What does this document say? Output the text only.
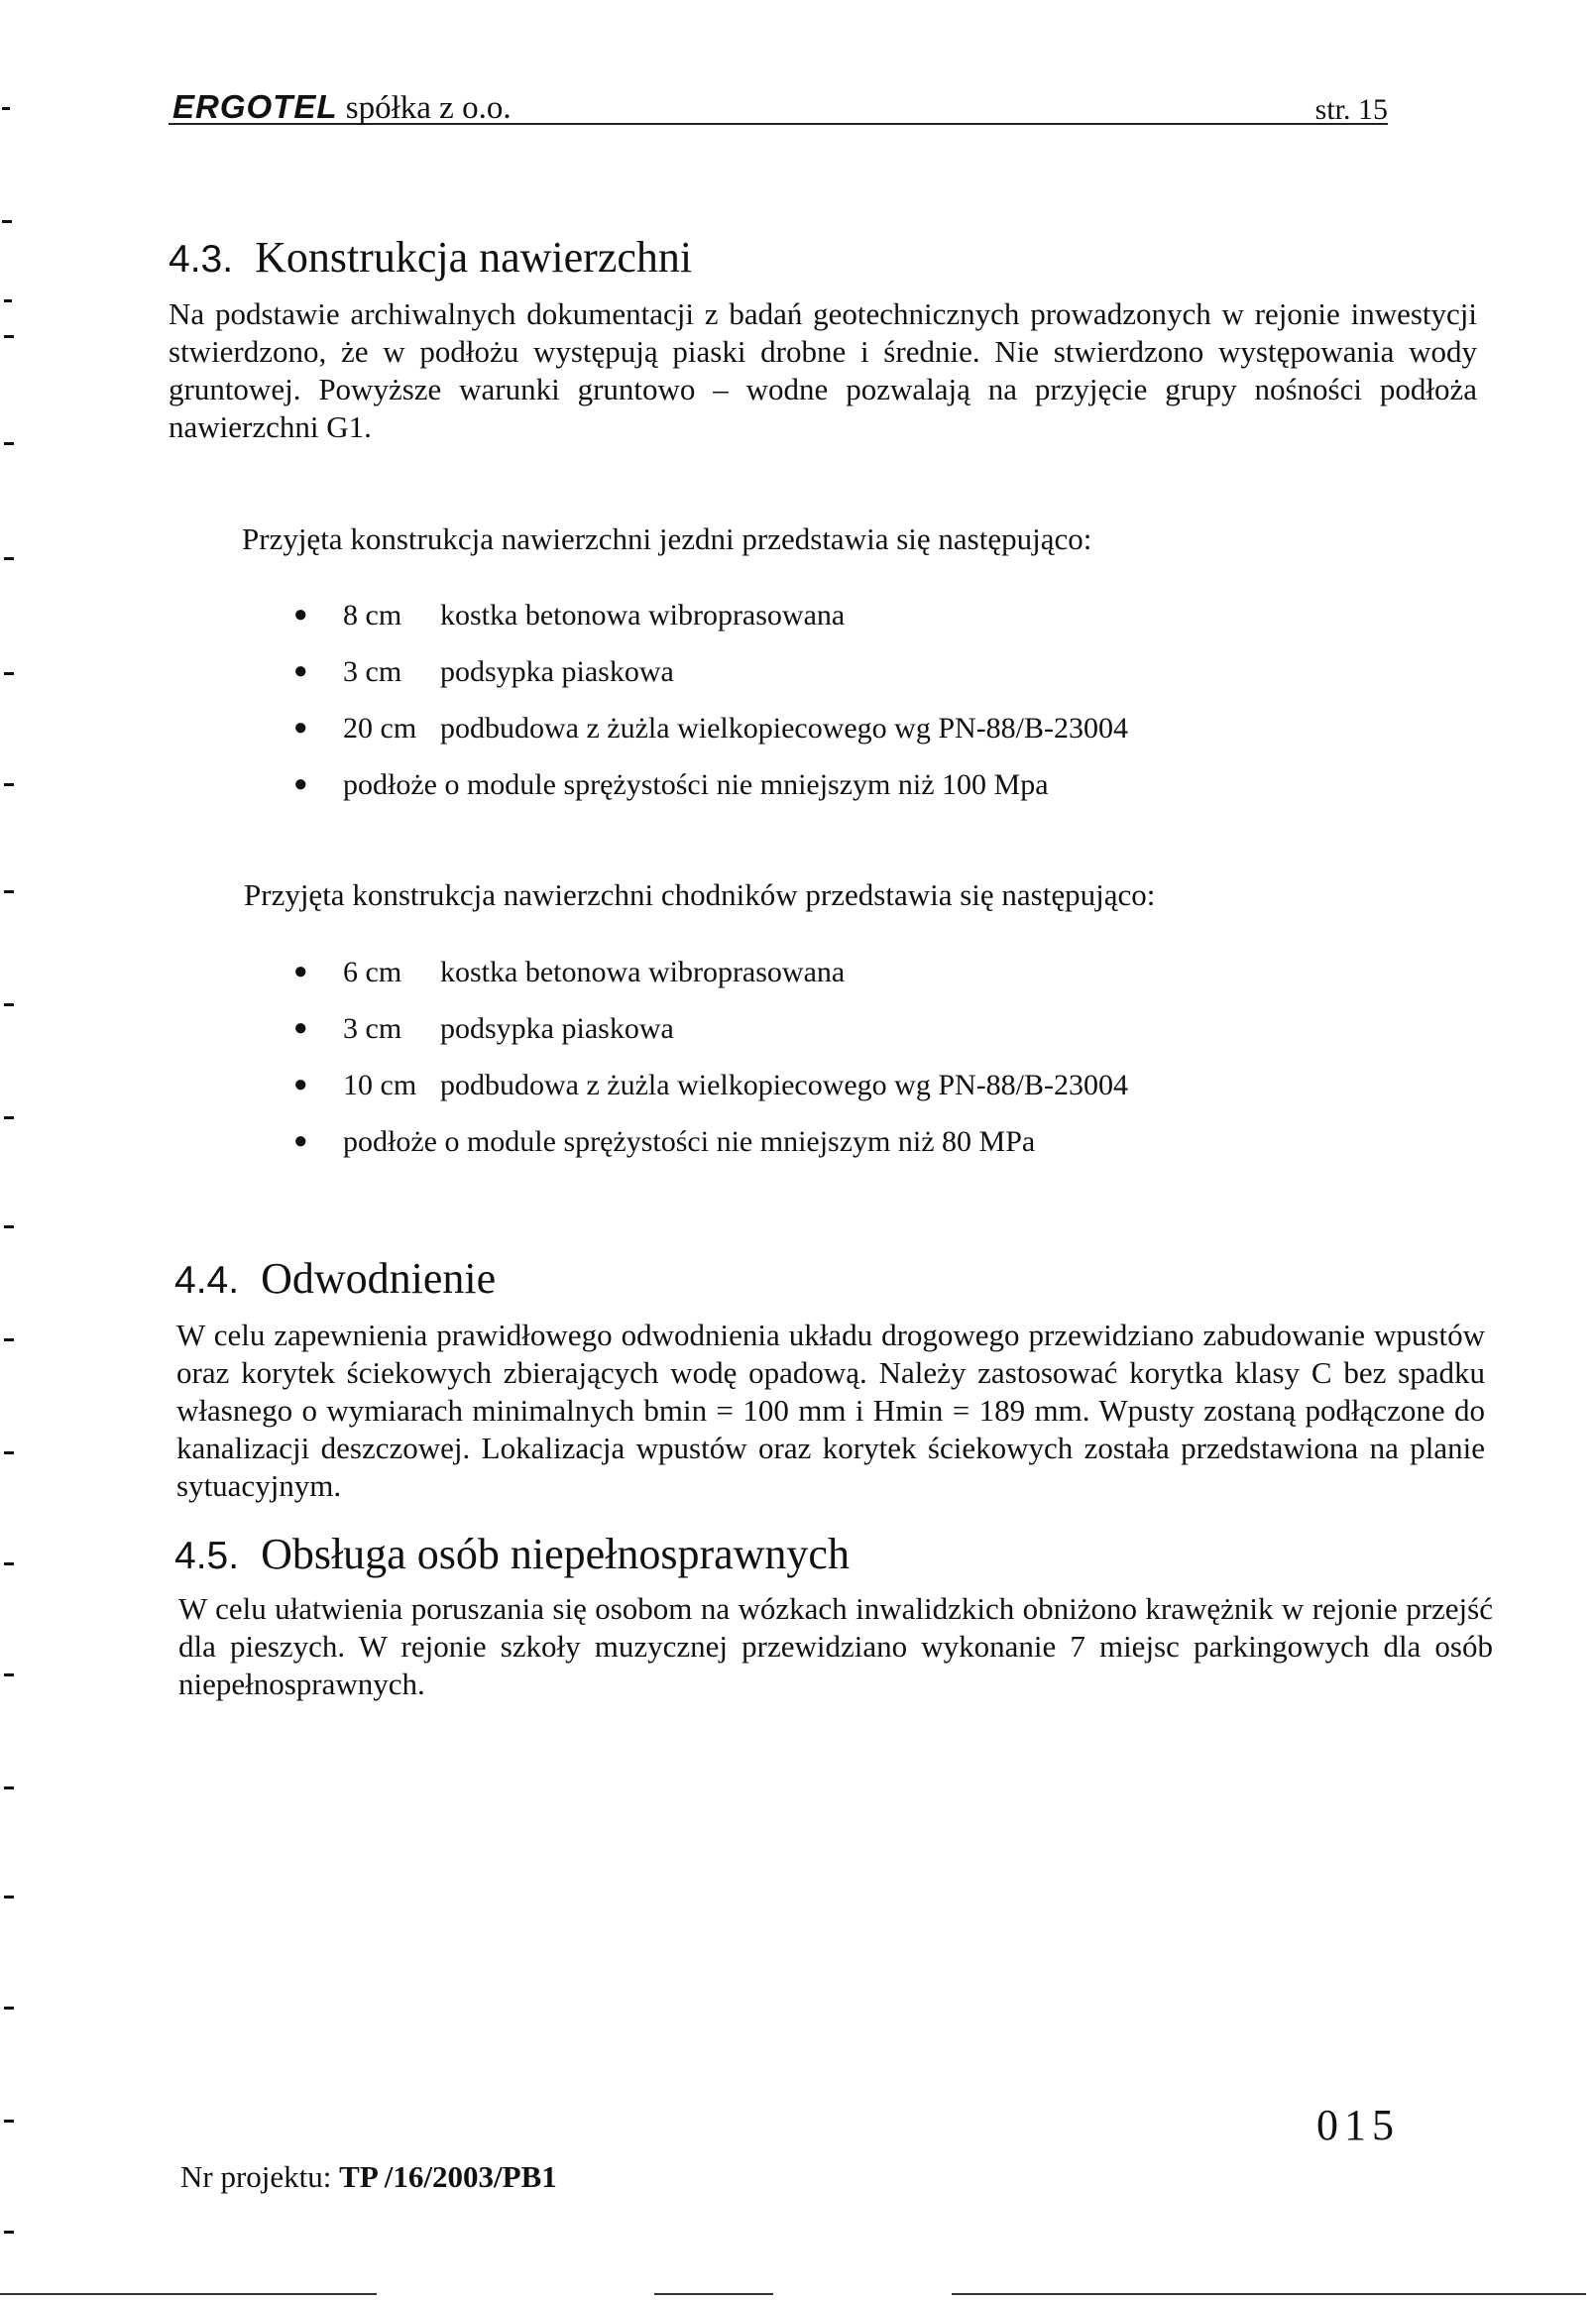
ERGOTEL spółka z o.o.	str. 15
4.3. Konstrukcja nawierzchni

Na podstawie archiwalnych dokumentacji z badań geotechnicznych prowadzonych w rejonie inwestycji stwierdzono, że w podłożu występują piaski drobne i średnie. Nie stwierdzono występowania wody gruntowej. Powyższe warunki gruntowo – wodne pozwalają na przyjęcie grupy nośności podłoża nawierzchni G1.

Przyjęta konstrukcja nawierzchni jezdni przedstawia się następująco:

● 8 cm kostka betonowa wibroprasowana
● 3 cm podsypka piaskowa
● 20 cm podbudowa z żużla wielkopiecowego wg PN-88/B-23004
● podłoże o module sprężystości nie mniejszym niż 100 Mpa

Przyjęta konstrukcja nawierzchni chodników przedstawia się następująco:

● 6 cm kostka betonowa wibroprasowana
● 3 cm podsypka piaskowa
● 10 cm podbudowa z żużla wielkopiecowego wg PN-88/B-23004
● podłoże o module sprężystości nie mniejszym niż 80 MPa
4.4. Odwodnienie

W celu zapewnienia prawidłowego odwodnienia układu drogowego przewidziano zabudowanie wpustów oraz korytek ściekowych zbierających wodę opadową. Należy zastosować korytka klasy C bez spadku własnego o wymiarach minimalnych bmin = 100 mm i Hmin = 189 mm. Wpusty zostaną podłączone do kanalizacji deszczowej. Lokalizacja wpustów oraz korytek ściekowych została przedstawiona na planie sytuacyjnym.

4.5. Obsługa osób niepełnosprawnych

W celu ułatwienia poruszania się osobom na wózkach inwalidzkich obniżono krawężnik w rejonie przejść dla pieszych. W rejonie szkoły muzycznej przewidziano wykonanie 7 miejsc parkingowych dla osób niepełnosprawnych.

015
Nr projektu: TP /16/2003/PB1
